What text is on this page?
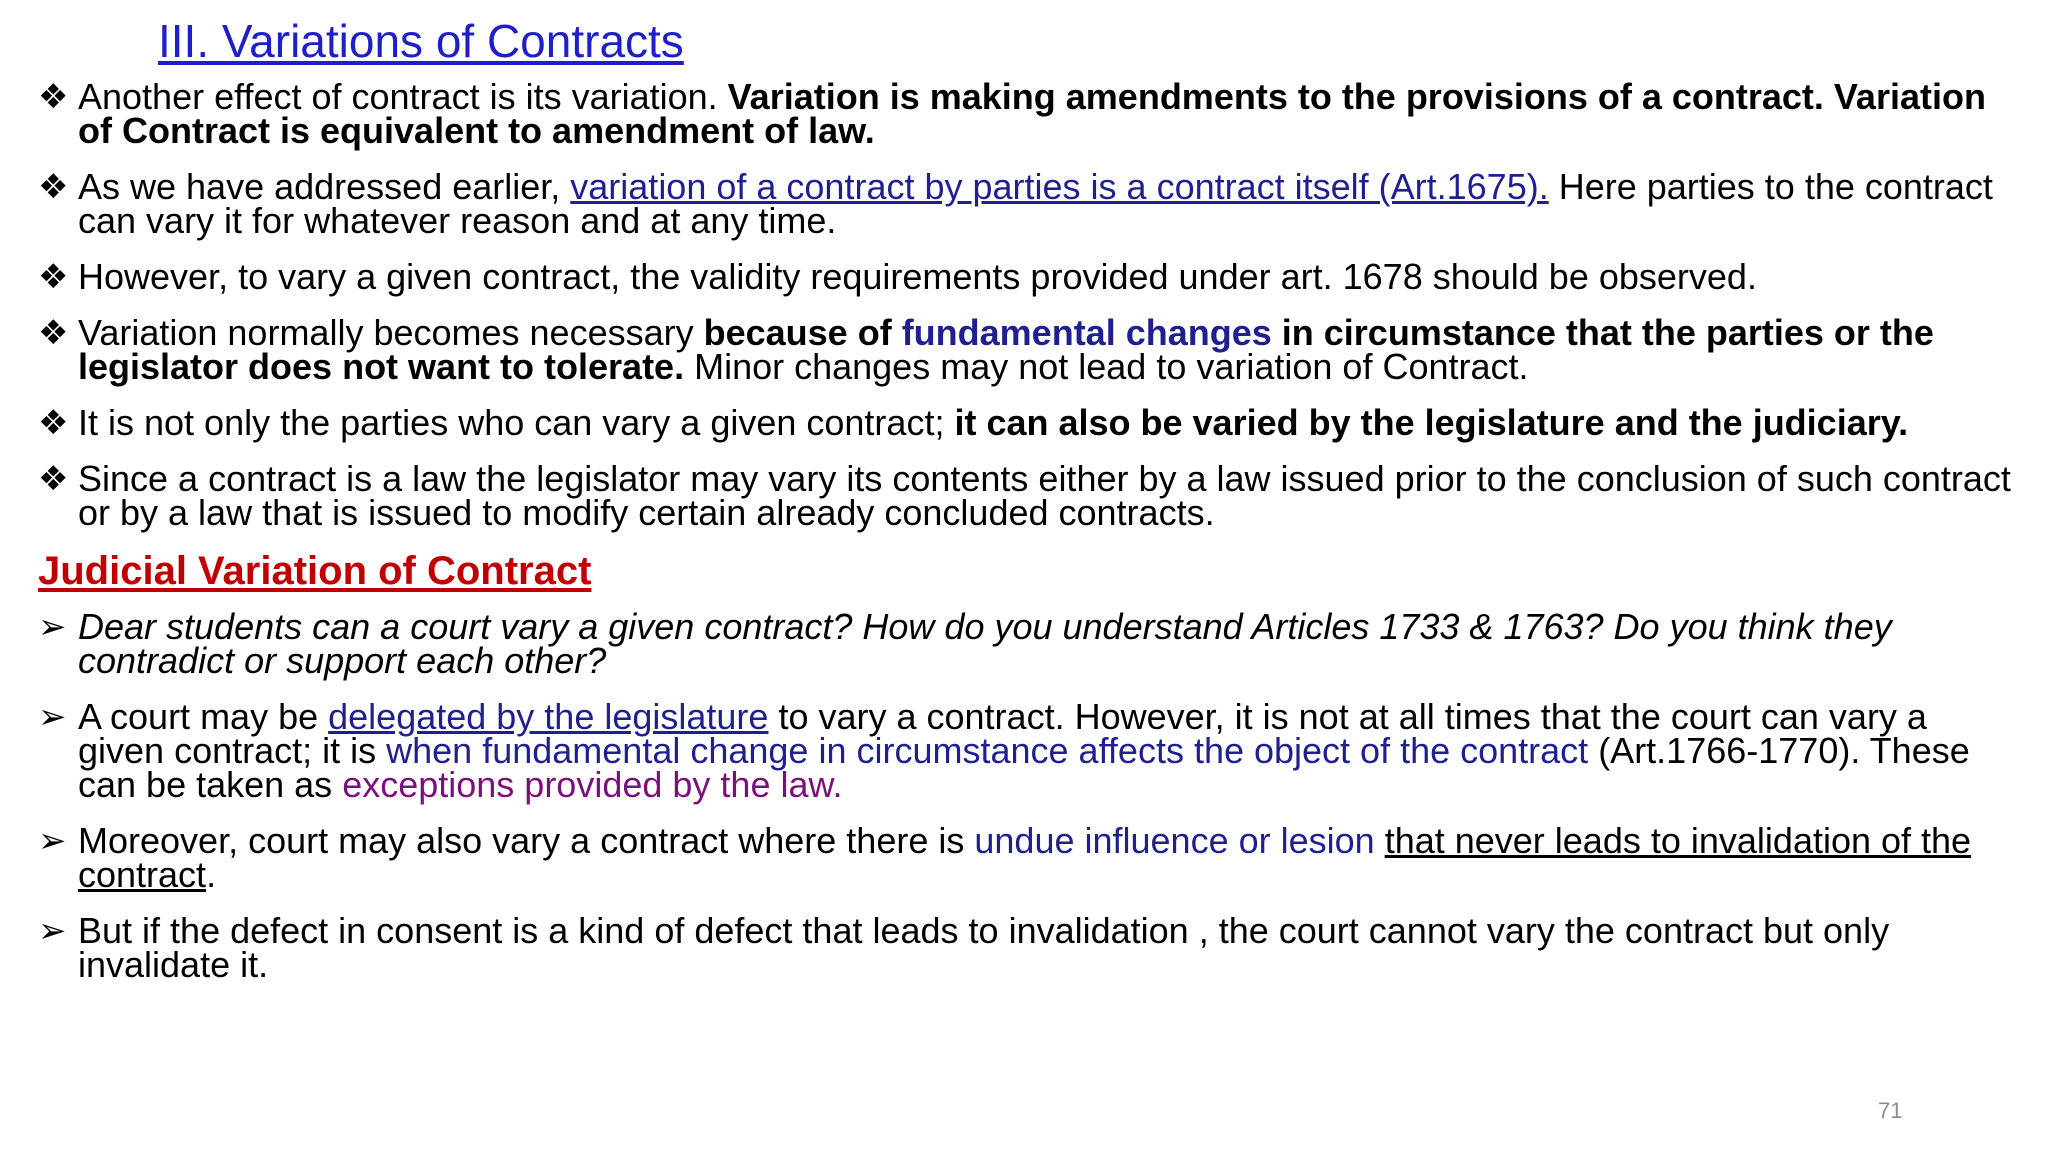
III. Variations of Contracts
❖ Another effect of contract is its variation. Variation is making amendments to the provisions of a contract. Variation of Contract is equivalent to amendment of law.
❖ As we have addressed earlier, variation of a contract by parties is a contract itself (Art.1675). Here parties to the contract can vary it for whatever reason and at any time.
❖ However, to vary a given contract, the validity requirements provided under art. 1678 should be observed.
❖ Variation normally becomes necessary because of fundamental changes in circumstance that the parties or the legislator does not want to tolerate. Minor changes may not lead to variation of Contract.
❖ It is not only the parties who can vary a given contract; it can also be varied by the legislature and the judiciary.
❖ Since a contract is a law the legislator may vary its contents either by a law issued prior to the conclusion of such contract or by a law that is issued to modify certain already concluded contracts.
Judicial Variation of Contract
➢ Dear students can a court vary a given contract? How do you understand Articles 1733 & 1763? Do you think they contradict or support each other?
➢ A court may be delegated by the legislature to vary a contract. However, it is not at all times that the court can vary a given contract; it is when fundamental change in circumstance affects the object of the contract (Art.1766-1770). These can be taken as exceptions provided by the law.
➢ Moreover, court may also vary a contract where there is undue influence or lesion that never leads to invalidation of the contract.
➢ But if the defect in consent is a kind of defect that leads to invalidation , the court cannot vary the contract but only invalidate it.
71
